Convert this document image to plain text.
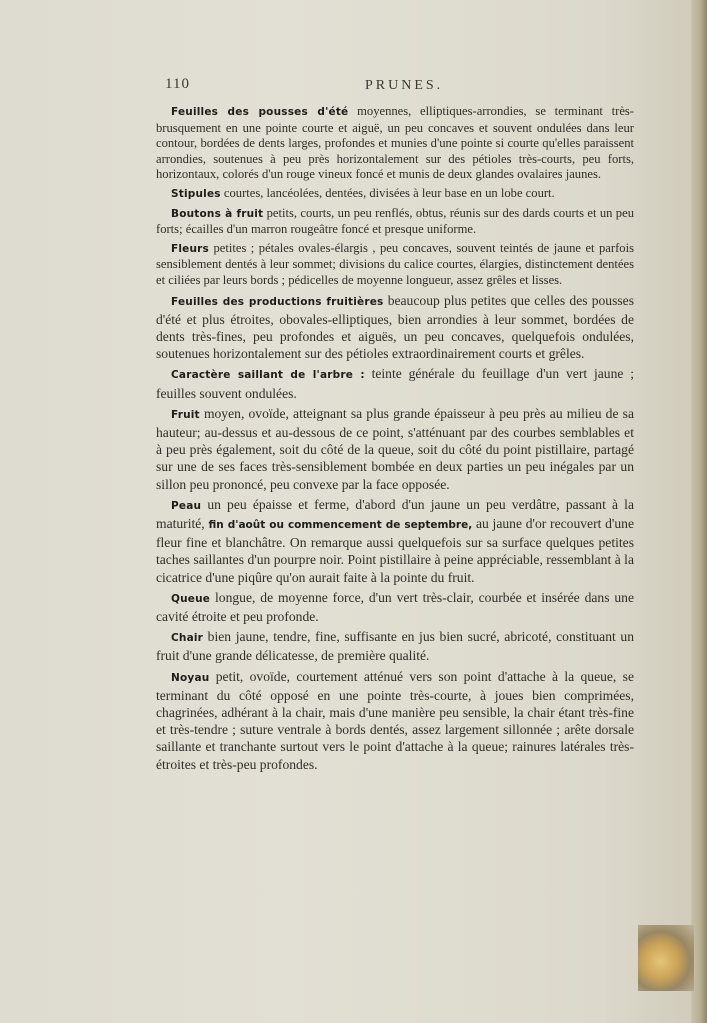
110	PRUNES.

Feuilles des pousses d'été moyennes, elliptiques-arrondies, se terminant très-brusquement en une pointe courte et aiguë, un peu concaves et souvent ondulées dans leur contour, bordées de dents larges, profondes et munies d'une pointe si courte qu'elles paraissent arrondies, soutenues à peu près horizontalement sur des pétioles très-courts, peu forts, horizontaux, colorés d'un rouge vineux foncé et munis de deux glandes ovalaires jaunes.

Stipules courtes, lancéolées, dentées, divisées à leur base en un lobe court.

Boutons à fruit petits, courts, un peu renflés, obtus, réunis sur des dards courts et un peu forts; écailles d'un marron rougeâtre foncé et presque uniforme.

Fleurs petites ; pétales ovales-élargis , peu concaves, souvent teintés de jaune et parfois sensiblement dentés à leur sommet; divisions du calice courtes, élargies, distinctement dentées et ciliées par leurs bords ; pédicelles de moyenne longueur, assez grêles et lisses.

Feuilles des productions fruitières beaucoup plus petites que celles des pousses d'été et plus étroites, obovales-elliptiques, bien arrondies à leur sommet, bordées de dents très-fines, peu profondes et aiguës, un peu concaves, quelquefois ondulées, soutenues horizontalement sur des pétioles extraordinairement courts et grêles.

Caractère saillant de l'arbre : teinte générale du feuillage d'un vert jaune ; feuilles souvent ondulées.

Fruit moyen, ovoïde, atteignant sa plus grande épaisseur à peu près au milieu de sa hauteur; au-dessus et au-dessous de ce point, s'atténuant par des courbes semblables et à peu près également, soit du côté de la queue, soit du côté du point pistillaire, partagé sur une de ses faces très-sensiblement bombée en deux parties un peu inégales par un sillon peu prononcé, peu convexe par la face opposée.

Peau un peu épaisse et ferme, d'abord d'un jaune un peu verdâtre, passant à la maturité, fin d'août ou commencement de septembre, au jaune d'or recouvert d'une fleur fine et blanchâtre. On remarque aussi quelquefois sur sa surface quelques petites taches saillantes d'un pourpre noir. Point pistillaire à peine appréciable, ressemblant à la cicatrice d'une piqûre qu'on aurait faite à la pointe du fruit.

Queue longue, de moyenne force, d'un vert très-clair, courbée et insérée dans une cavité étroite et peu profonde.

Chair bien jaune, tendre, fine, suffisante en jus bien sucré, abricoté, constituant un fruit d'une grande délicatesse, de première qualité.

Noyau petit, ovoïde, courtement atténué vers son point d'attache à la queue, se terminant du côté opposé en une pointe très-courte, à joues bien comprimées, chagrinées, adhérant à la chair, mais d'une manière peu sensible, la chair étant très-fine et très-tendre ; suture ventrale à bords dentés, assez largement sillonnée ; arête dorsale saillante et tranchante surtout vers le point d'attache à la queue; rainures latérales très-étroites et très-peu profondes.
